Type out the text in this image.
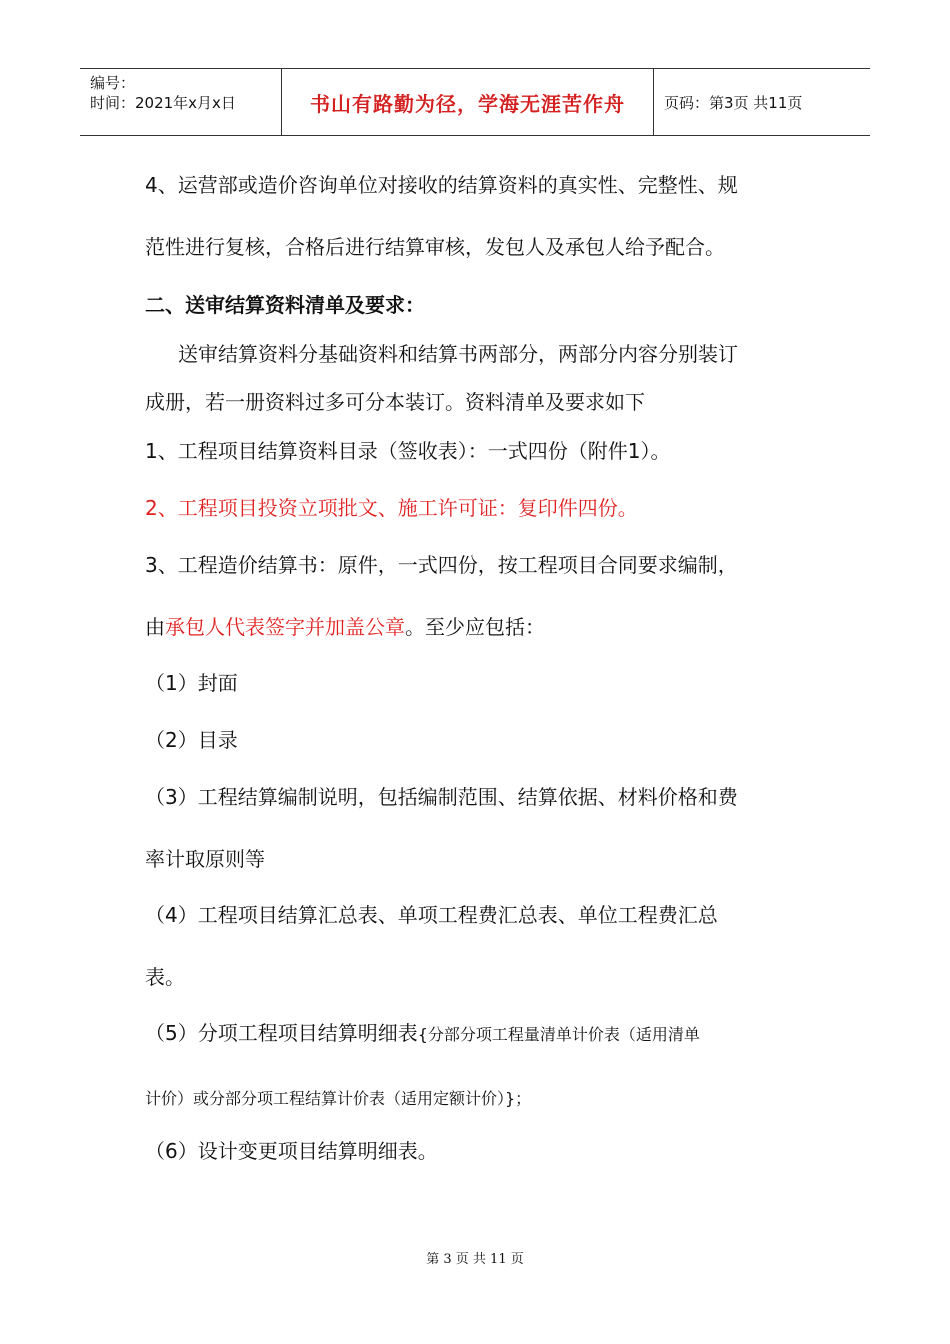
编号：
时间：2021年x月x日	书山有路勤为径，学海无涯苦作舟	页码：第3页 共11页
4、运营部或造价咨询单位对接收的结算资料的真实性、完整性、规
范性进行复核，合格后进行结算审核，发包人及承包人给予配合。
二、送审结算资料清单及要求：
送审结算资料分基础资料和结算书两部分，两部分内容分别装订
成册，若一册资料过多可分本装订。资料清单及要求如下
1、工程项目结算资料目录（签收表）：一式四份（附件1）。
2、工程项目投资立项批文、施工许可证：复印件四份。
3、工程造价结算书：原件，一式四份，按工程项目合同要求编制，
由承包人代表签字并加盖公章。至少应包括：
（1）封面
（2）目录
（3）工程结算编制说明，包括编制范围、结算依据、材料价格和费
率计取原则等
（4）工程项目结算汇总表、单项工程费汇总表、单位工程费汇总
表。
（5）分项工程项目结算明细表{分部分项工程量清单计价表（适用清单
计价）或分部分项工程结算计价表（适用定额计价）}；
（6）设计变更项目结算明细表。
第 3 页 共 11 页
